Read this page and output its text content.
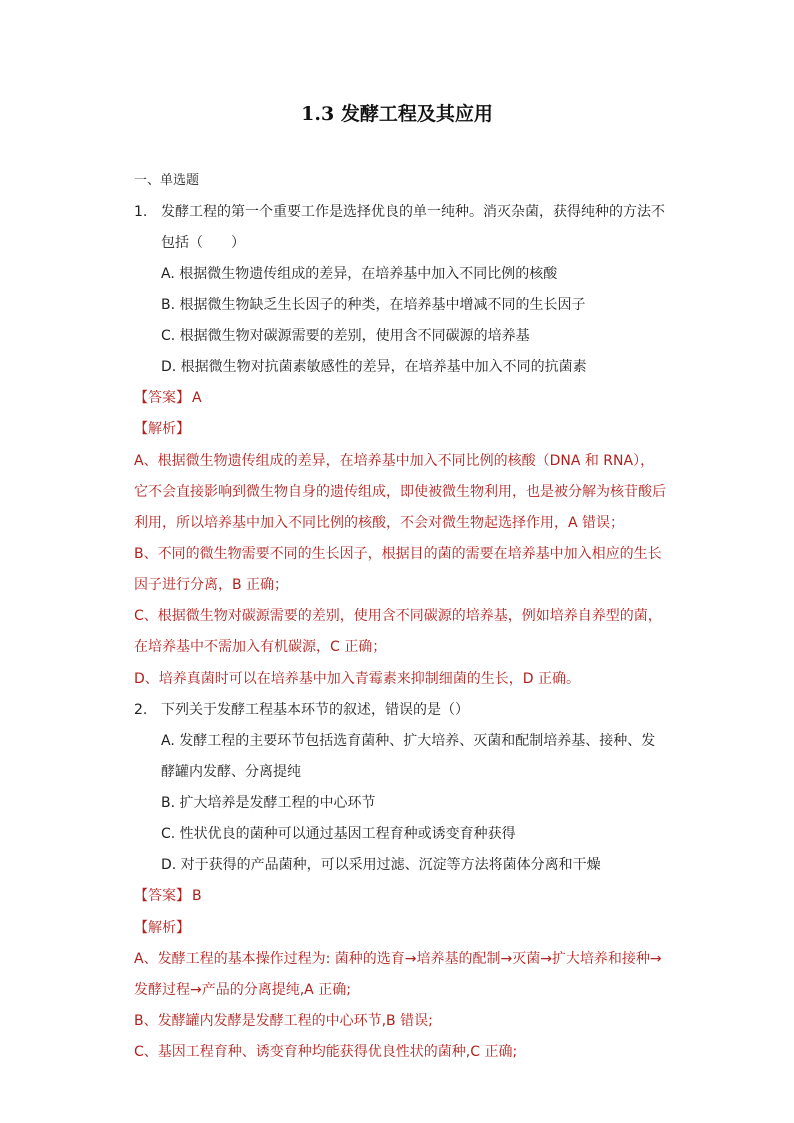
1.3 发酵工程及其应用
一、单选题
1. 发酵工程的第一个重要工作是选择优良的单一纯种。消灭杂菌，获得纯种的方法不
包括（　　）
A. 根据微生物遗传组成的差异，在培养基中加入不同比例的核酸
B. 根据微生物缺乏生长因子的种类，在培养基中增减不同的生长因子
C. 根据微生物对碳源需要的差别，使用含不同碳源的培养基
D. 根据微生物对抗菌素敏感性的差异，在培养基中加入不同的抗菌素
【答案】 A
【解析】
A、根据微生物遗传组成的差异，在培养基中加入不同比例的核酸（DNA 和 RNA），
它不会直接影响到微生物自身的遗传组成，即使被微生物利用，也是被分解为核苷酸后
利用，所以培养基中加入不同比例的核酸，不会对微生物起选择作用，A 错误；
B、不同的微生物需要不同的生长因子，根据目的菌的需要在培养基中加入相应的生长
因子进行分离，B 正确；
C、根据微生物对碳源需要的差别，使用含不同碳源的培养基，例如培养自养型的菌，
在培养基中不需加入有机碳源，C 正确；
D、培养真菌时可以在培养基中加入青霉素来抑制细菌的生长，D 正确。
2. 下列关于发酵工程基本环节的叙述，错误的是（）
A. 发酵工程的主要环节包括选育菌种、扩大培养、灭菌和配制培养基、接种、发
酵罐内发酵、分离提纯
B. 扩大培养是发酵工程的中心环节
C. 性状优良的菌种可以通过基因工程育种或诱变育种获得
D. 对于获得的产品菌种，可以采用过滤、沉淀等方法将菌体分离和干燥
【答案】 B
【解析】
A、发酵工程的基本操作过程为: 菌种的选育→培养基的配制→灭菌→扩大培养和接种→
发酵过程→产品的分离提纯,A 正确;
B、发酵罐内发酵是发酵工程的中心环节,B 错误;
C、基因工程育种、诱变育种均能获得优良性状的菌种,C 正确;
